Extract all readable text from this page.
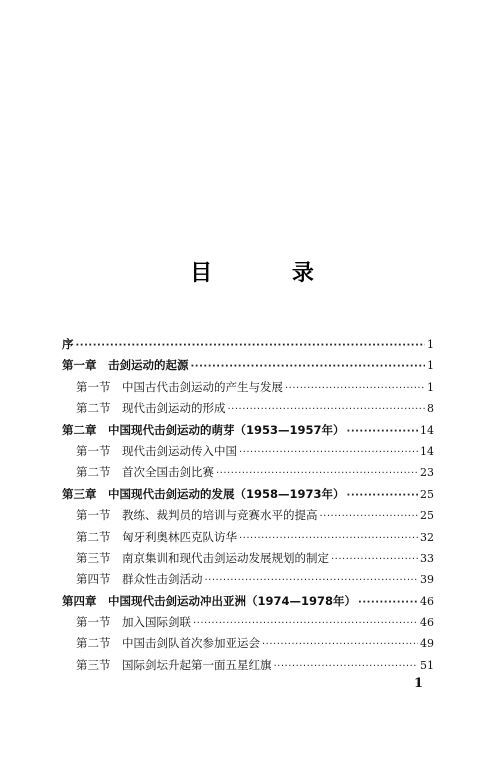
目 录
序 ·····	1
第一章　击剑运动的起源 ·····	1
第一节　中国古代击剑运动的产生与发展 ·····	1
第二节　现代击剑运动的形成 ·····	8
第二章　中国现代击剑运动的萌芽（1953—1957年） ·····	14
第一节　现代击剑运动传入中国 ·····	14
第二节　首次全国击剑比赛 ·····	23
第三章　中国现代击剑运动的发展（1958—1973年） ·····	25
第一节　教练、裁判员的培训与竞赛水平的提高 ·····	25
第二节　匈牙利奥林匹克队访华 ·····	32
第三节　南京集训和现代击剑运动发展规划的制定 ·····	33
第四节　群众性击剑活动 ·····	39
第四章　中国现代击剑运动冲出亚洲（1974—1978年） ·····	46
第一节　加入国际剑联 ·····	46
第二节　中国击剑队首次参加亚运会 ·····	49
第三节　国际剑坛升起第一面五星红旗 ·····	51
1
